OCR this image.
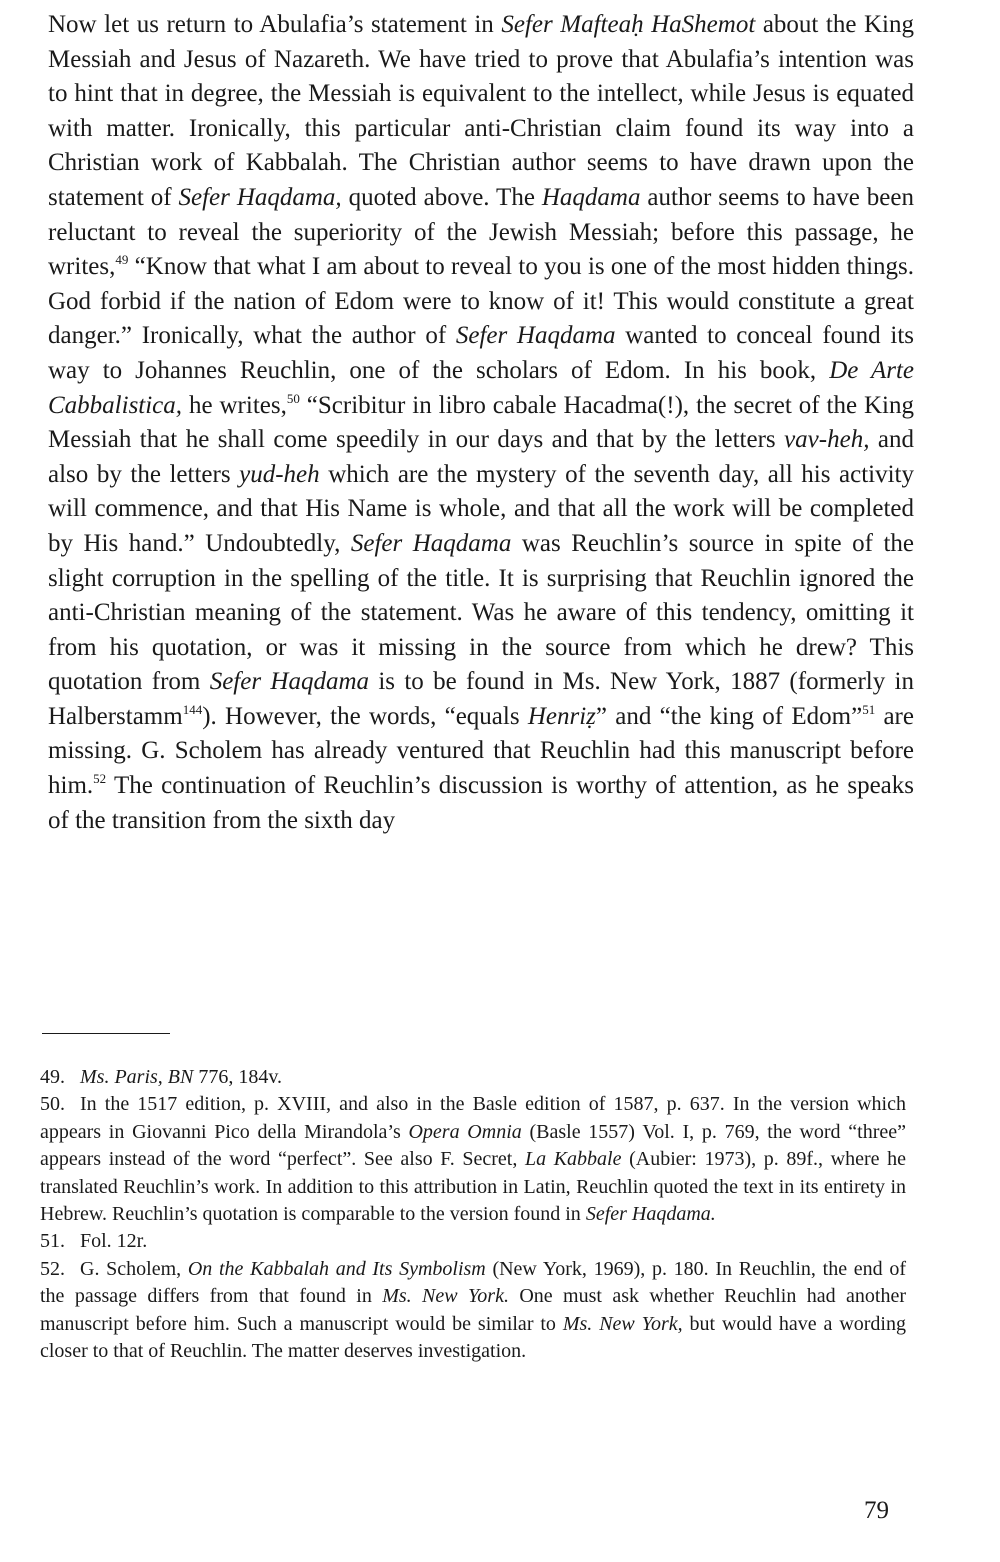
Now let us return to Abulafia’s statement in Sefer Mafteaḥ HaShemot about the King Messiah and Jesus of Nazareth. We have tried to prove that Abulafia’s intention was to hint that in degree, the Messiah is equivalent to the intellect, while Jesus is equated with matter. Ironically, this particular anti-Christian claim found its way into a Christian work of Kabbalah. The Christian author seems to have drawn upon the statement of Sefer Haqdama, quoted above. The Haqdama author seems to have been reluctant to reveal the superiority of the Jewish Messiah; before this passage, he writes,$^{49}$ “Know that what I am about to reveal to you is one of the most hidden things. God forbid if the nation of Edom were to know of it! This would constitute a great danger.” Ironically, what the author of Sefer Haqdama wanted to conceal found its way to Johannes Reuchlin, one of the scholars of Edom. In his book, De Arte Cabbalistica, he writes,$^{50}$ “Scribitur in libro cabale Hacadma(!), the secret of the King Messiah that he shall come speedily in our days and that by the letters vav-heh, and also by the letters yud-heh which are the mystery of the seventh day, all his activity will commence, and that His Name is whole, and that all the work will be completed by His hand.” Undoubtedly, Sefer Haqdama was Reuchlin’s source in spite of the slight corruption in the spelling of the title. It is surprising that Reuchlin ignored the anti-Christian meaning of the statement. Was he aware of this tendency, omitting it from his quotation, or was it missing in the source from which he drew? This quotation from Sefer Haqdama is to be found in Ms. New York, 1887 (formerly in Halberstamm$^{144}$). However, the words, “equals Henriẓ” and “the king of Edom”$^{51}$ are missing. G. Scholem has already ventured that Reuchlin had this manuscript before him.$^{52}$ The continuation of Reuchlin’s discussion is worthy of attention, as he speaks of the transition from the sixth day

49. Ms. Paris, BN 776, 184v.

50. In the 1517 edition, p. XVIII, and also in the Basle edition of 1587, p. 637. In the version which appears in Giovanni Pico della Mirandola’s Opera Omnia (Basle 1557) Vol. I, p. 769, the word “three” appears instead of the word “perfect”. See also F. Secret, La Kabbale (Aubier: 1973), p. 89f., where he translated Reuchlin’s work. In addition to this attribution in Latin, Reuchlin quoted the text in its entirety in Hebrew. Reuchlin’s quotation is comparable to the version found in Sefer Haqdama.

51. Fol. 12r.

52. G. Scholem, On the Kabbalah and Its Symbolism (New York, 1969), p. 180. In Reuchlin, the end of the passage differs from that found in Ms. New York. One must ask whether Reuchlin had another manuscript before him. Such a manuscript would be similar to Ms. New York, but would have a wording closer to that of Reuchlin. The matter deserves investigation.

79
